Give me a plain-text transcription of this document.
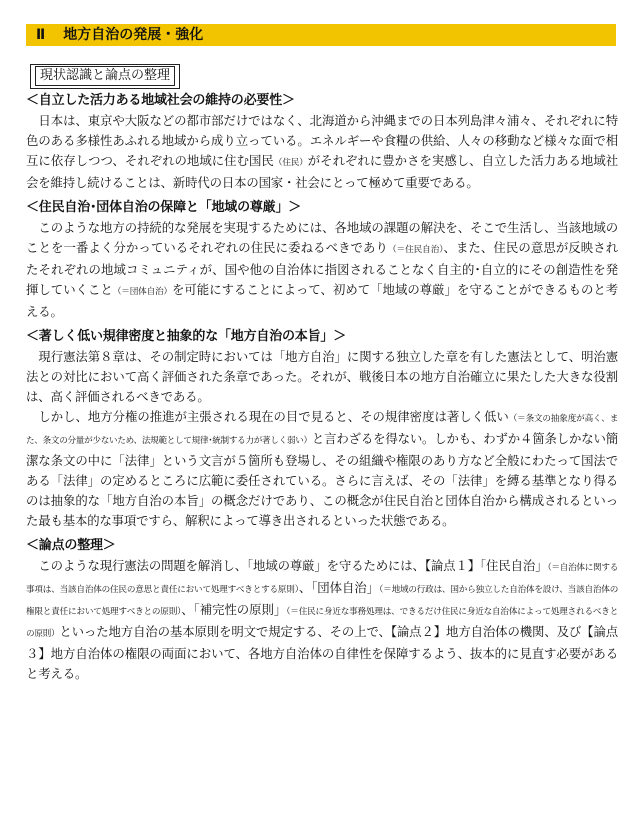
Ⅱ 地方自治の発展・強化
現状認識と論点の整理
＜自立した活力ある地域社会の維持の必要性＞

日本は、東京や大阪などの都市部だけではなく、北海道から沖縄までの日本列島津々浦々、それぞれに特色のある多様性あふれる地域から成り立っている。エネルギーや食糧の供給、人々の移動など様々な面で相互に依存しつつ、それぞれの地域に住む国民（住民）がそれぞれに豊かさを実感し、自立した活力ある地域社会を維持し続けることは、新時代の日本の国家・社会にとって極めて重要である。

＜住民自治･団体自治の保障と「地域の尊厳」＞

このような地方の持続的な発展を実現するためには、各地域の課題の解決を、そこで生活し、当該地域のことを一番よく分かっているそれぞれの住民に委ねるべきであり（＝住民自治）、また、住民の意思が反映されたそれぞれの地域コミュニティが、国や他の自治体に指図されることなく自主的･自立的にその創造性を発揮していくこと（＝団体自治）を可能にすることによって、初めて「地域の尊厳」を守ることができるものと考える。

＜著しく低い規律密度と抽象的な「地方自治の本旨」＞

現行憲法第８章は、その制定時においては「地方自治」に関する独立した章を有した憲法として、明治憲法との対比において高く評価された条章であった。それが、戦後日本の地方自治確立に果たした大きな役割は、高く評価されるべきである。

しかし、地方分権の推進が主張される現在の目で見ると、その規律密度は著しく低い（＝条文の抽象度が高く、また、条文の分量が少ないため、法規範として規律･統制する力が著しく弱い）と言わざるを得ない。しかも、わずか４箇条しかない簡潔な条文の中に「法律」という文言が５箇所も登場し、その組織や権限のあり方など全般にわたって国法である「法律」の定めるところに広範に委任されている。さらに言えば、その「法律」を縛る基準となり得るのは抽象的な「地方自治の本旨」の概念だけであり、この概念が住民自治と団体自治から構成されるといった最も基本的な事項ですら、解釈によって導き出されるといった状態である。

＜論点の整理＞

このような現行憲法の問題を解消し、「地域の尊厳」を守るためには、【論点１】「住民自治」（＝自治体に関する事項は、当該自治体の住民の意思と責任において処理すべきとする原則）、「団体自治」（＝地域の行政は、国から独立した自治体を設け、当該自治体の権限と責任において処理すべきとの原則）、「補完性の原則」（＝住民に身近な事務処理は、できるだけ住民に身近な自治体によって処理されるべきとの原則）といった地方自治の基本原則を明文で規定する、その上で、【論点２】地方自治体の機関、及び【論点３】地方自治体の権限の両面において、各地方自治体の自律性を保障するよう、抜本的に見直す必要があると考える。
